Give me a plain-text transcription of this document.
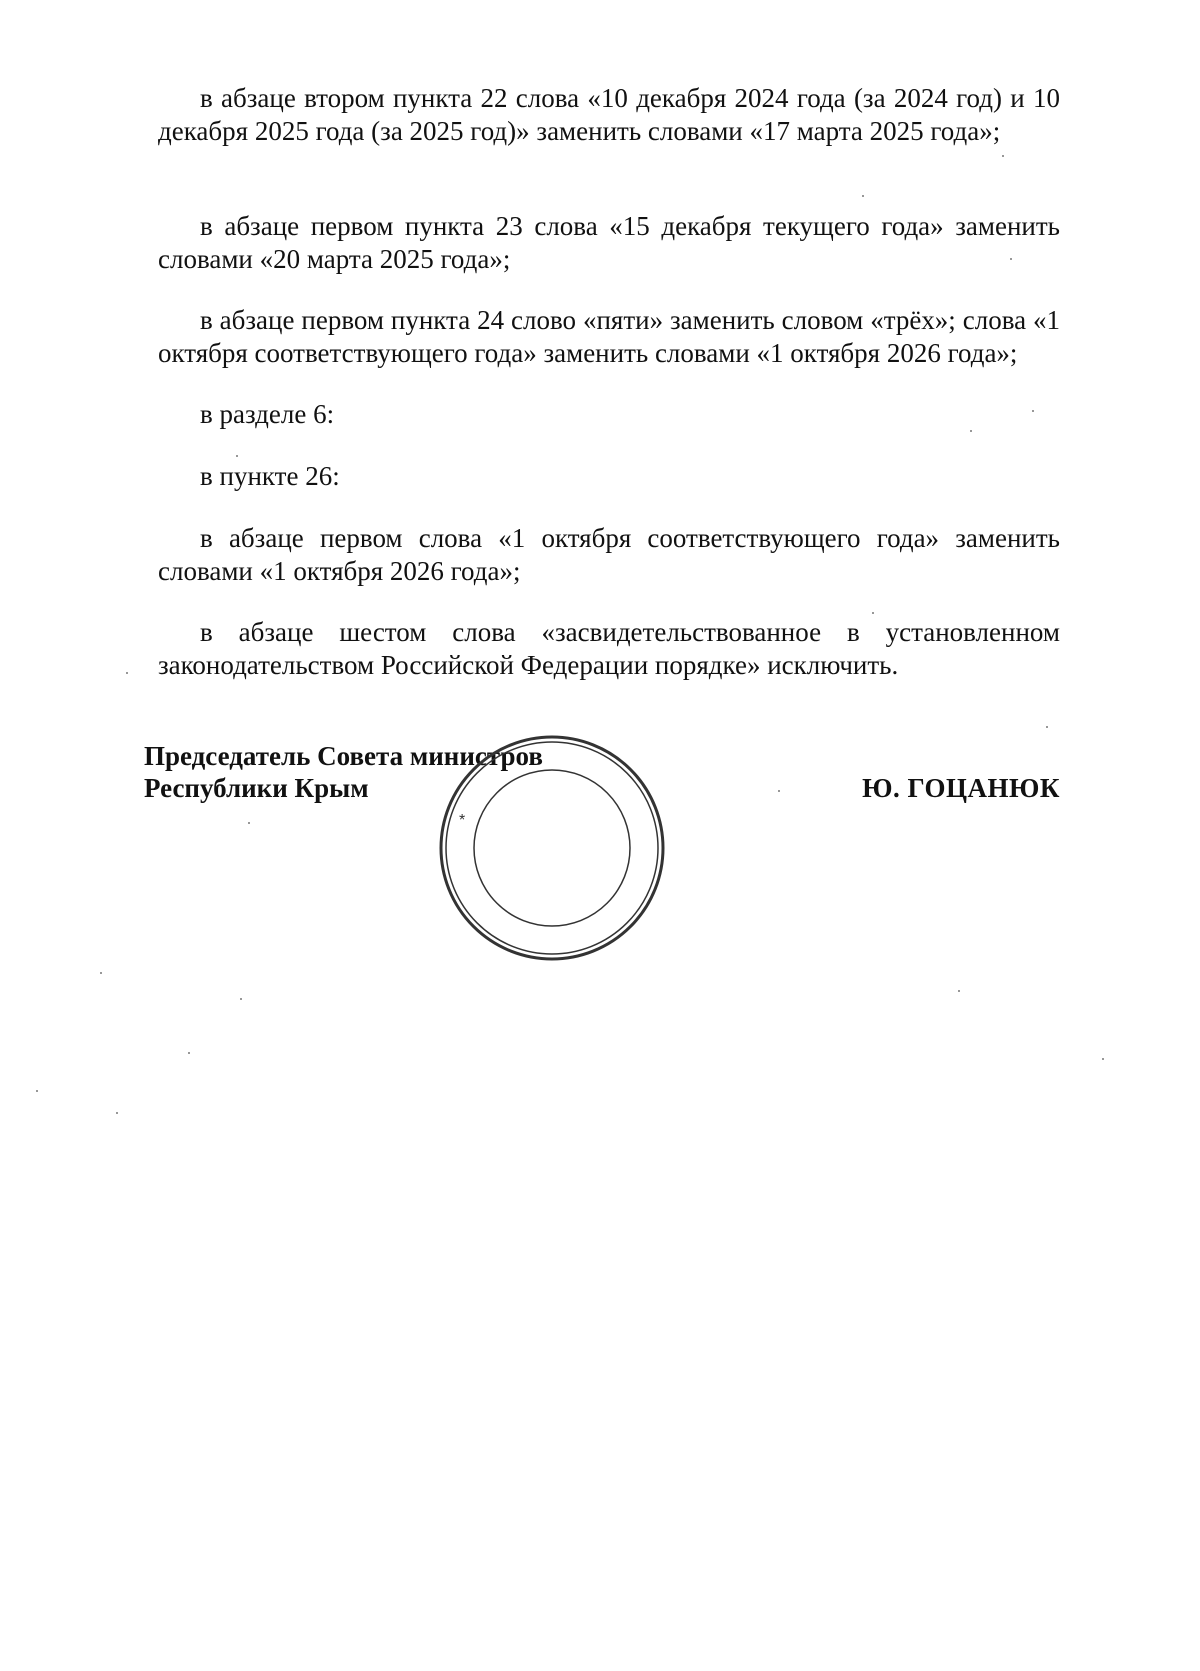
в абзаце втором пункта 22 слова «10 декабря 2024 года (за 2024 год) и 10 декабря 2025 года (за 2025 год)» заменить словами «17 марта 2025 года»;

в абзаце первом пункта 23 слова «15 декабря текущего года» заменить словами «20 марта 2025 года»;

в абзаце первом пункта 24 слово «пяти» заменить словом «трёх»; слова «1 октября соответствующего года» заменить словами «1 октября 2026 года»;

в разделе 6:

в пункте 26:

в абзаце первом слова «1 октября соответствующего года» заменить словами «1 октября 2026 года»;

в абзаце шестом слова «засвидетельствованное в установленном законодательством Российской Федерации порядке» исключить.

Председатель Совета министров
Республики Крым	Ю. ГОЦАНЮК
*
